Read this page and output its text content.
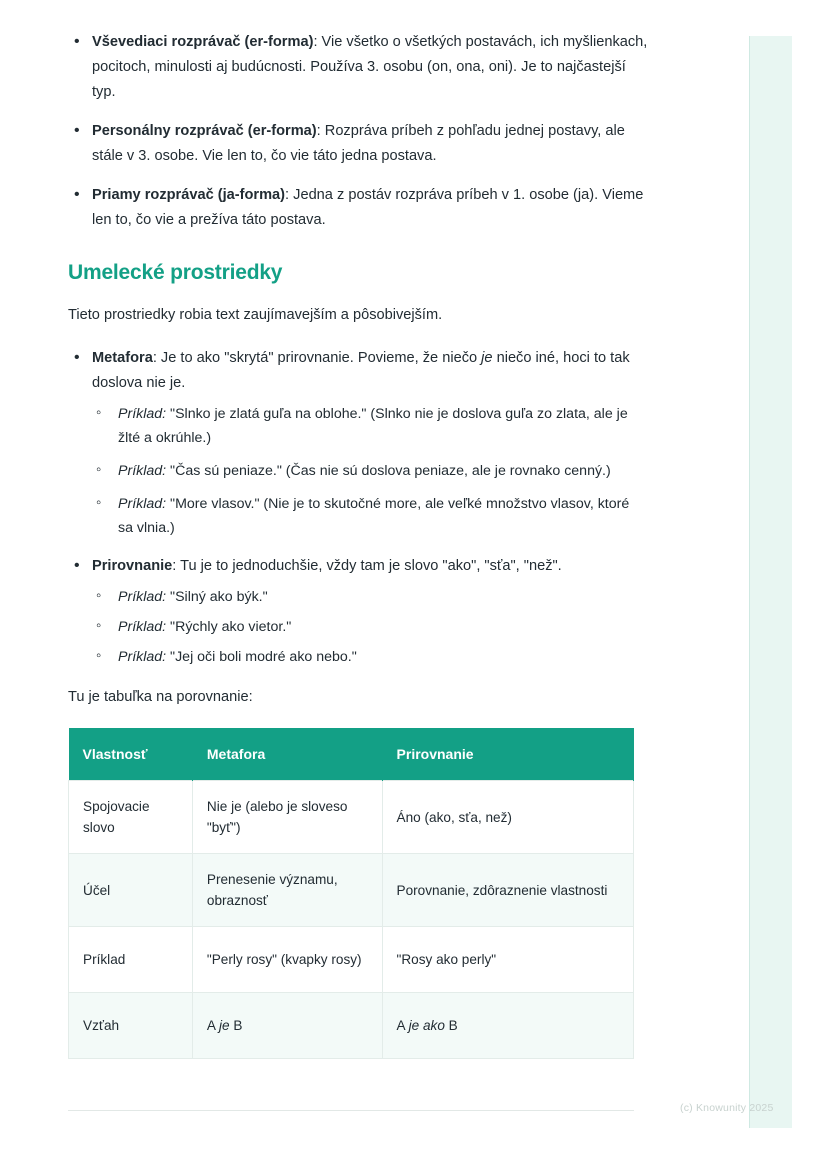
• Vševediaci rozprávač (er-forma): Vie všetko o všetkých postavách, ich myšlienkach, pocitoch, minulosti aj budúcnosti. Používa 3. osobu (on, ona, oni). Je to najčastejší typ.
• Personálny rozprávač (er-forma): Rozpráva príbeh z pohľadu jednej postavy, ale stále v 3. osobe. Vie len to, čo vie táto jedna postava.
• Priamy rozprávač (ja-forma): Jedna z postáv rozpráva príbeh v 1. osobe (ja). Vieme len to, čo vie a prežíva táto postava.
Umelecké prostriedky

Tieto prostriedky robia text zaujímavejším a pôsobivejším.

• Metafora: Je to ako "skrytá" prirovnanie. Povieme, že niečo je niečo iné, hoci to tak doslova nie je.
◦ Príklad: "Slnko je zlatá guľa na oblohe." (Slnko nie je doslova guľa zo zlata, ale je žlté a okrúhle.)
◦ Príklad: "Čas sú peniaze." (Čas nie sú doslova peniaze, ale je rovnako cenný.)
◦ Príklad: "More vlasov." (Nie je to skutočné more, ale veľké množstvo vlasov, ktoré sa vlnia.)
• Prirovnanie: Tu je to jednoduchšie, vždy tam je slovo "ako", "sťa", "než".
◦ Príklad: "Silný ako býk."
◦ Príklad: "Rýchly ako vietor."
◦ Príklad: "Jej oči boli modré ako nebo."

Tu je tabuľka na porovnanie:

Vlastnosť	Metafora	Prirovnanie
Spojovacie slovo	Nie je (alebo je sloveso "byť")	Áno (ako, sťa, než)
Účel	Prenesenie významu, obraznosť	Porovnanie, zdôraznenie vlastnosti
Príklad	"Perly rosy" (kvapky rosy)	"Rosy ako perly"
Vzťah	A je B	A je ako B
(c) Knowunity 2025
